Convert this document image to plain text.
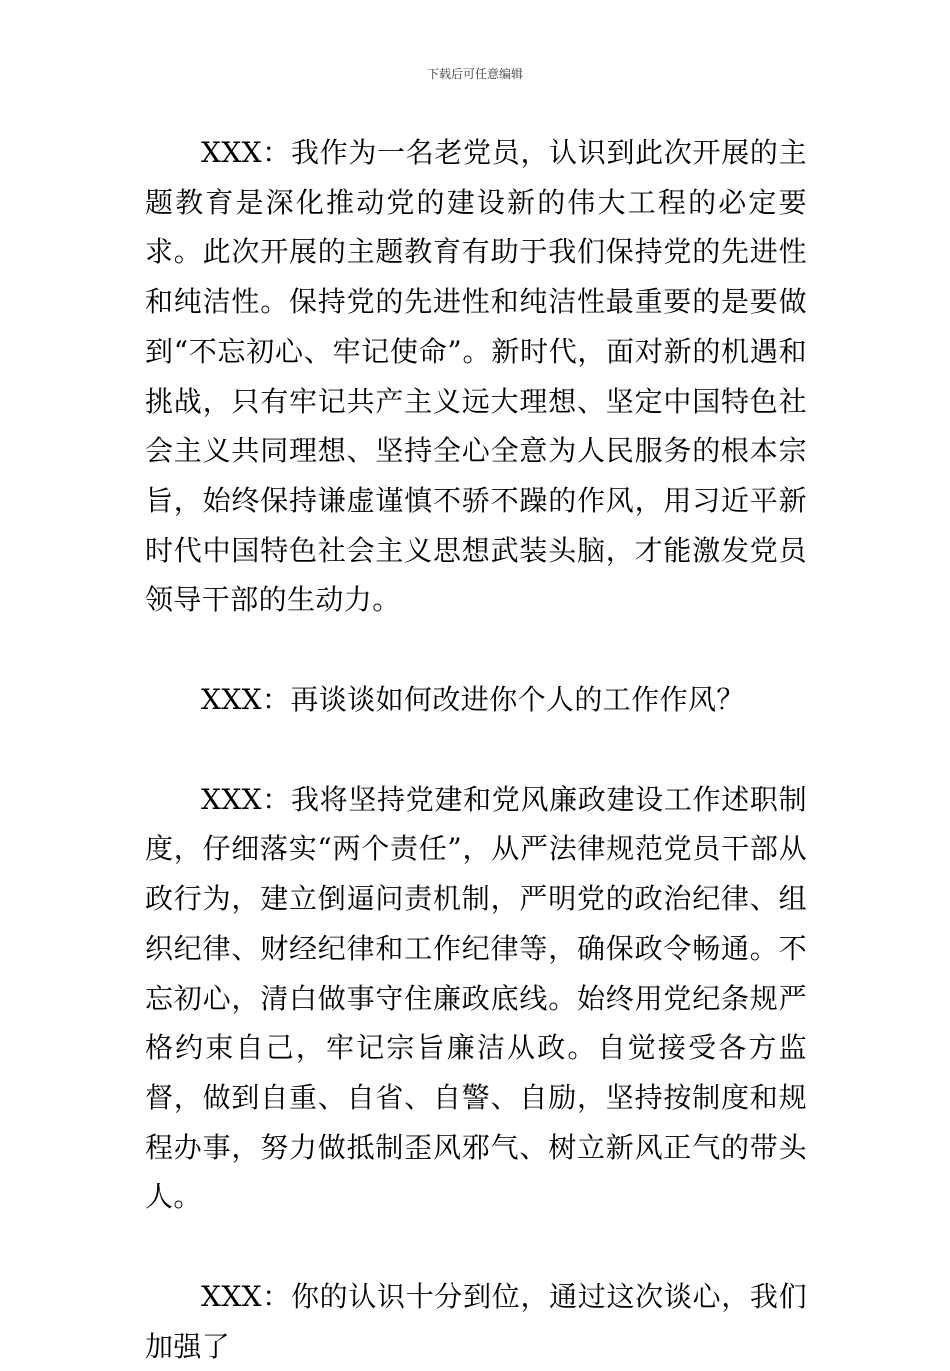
下载后可任意编辑

XXX：我作为一名老党员，认识到此次开展的主题教育是深化推动党的建设新的伟大工程的必定要求。此次开展的主题教育有助于我们保持党的先进性和纯洁性。保持党的先进性和纯洁性最重要的是要做到“不忘初心、牢记使命”。新时代，面对新的机遇和挑战，只有牢记共产主义远大理想、坚定中国特色社会主义共同理想、坚持全心全意为人民服务的根本宗旨，始终保持谦虚谨慎不骄不躁的作风，用习近平新时代中国特色社会主义思想武装头脑，才能激发党员领导干部的生动力。

XXX：再谈谈如何改进你个人的工作作风？

XXX：我将坚持党建和党风廉政建设工作述职制度，仔细落实“两个责任”，从严法律规范党员干部从政行为，建立倒逼问责机制，严明党的政治纪律、组织纪律、财经纪律和工作纪律等，确保政令畅通。不忘初心，清白做事守住廉政底线。始终用党纪条规严格约束自己，牢记宗旨廉洁从政。自觉接受各方监督，做到自重、自省、自警、自励，坚持按制度和规程办事，努力做抵制歪风邪气、树立新风正气的带头人。

XXX：你的认识十分到位，通过这次谈心，我们加强了
